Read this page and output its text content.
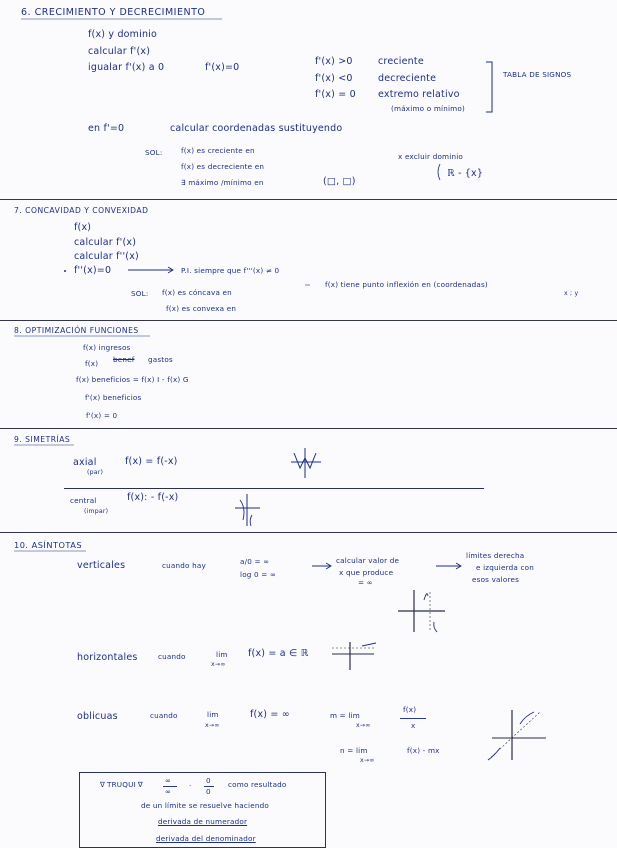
6. CRECIMIENTO Y DECRECIMIENTO
f(x) y dominio
calcular f'(x)
igualar f'(x) a 0	f'(x)=0
f'(x) >0	creciente
f'(x) <0	decreciente
f'(x) = 0 extremo relativo
(máximo o mínimo)
TABLA DE SIGNOS
en f'=0	calcular coordenadas sustituyendo
SOL:	f(x) es creciente en
f(x) es decreciente en
∃ máximo /mínimo en	(□, □)
x excluir dominio
ℝ - {x}
7. CONCAVIDAD Y CONVEXIDAD
f(x)
calcular f'(x)
calcular f''(x)
f''(x)=0	P.I. siempre que f'''(x) ≠ 0
SOL: f(x) es cóncava en
f(x) es convexa en
f(x) tiene punto inflexión en (coordenadas)
x ; y
8. OPTIMIZACIÓN FUNCIONES
f(x) ingresos
f(x) benef gastos
f(x) beneficios = f(x) I - f(x) G
f'(x) beneficios
f'(x) = 0
9. SIMETRÍAS
axial
(par)
f(x) = f(-x)
central
(impar)
f(x): - f(-x)
10. ASÍNTOTAS
verticales	cuando hay	a/0 = ∞
log 0 = ∞
calcular valor de
x que produce
= ∞
límites derecha
e izquierda con
esos valores
horizontales	cuando	lim
x→∞
f(x) = a ∈ ℝ
oblicuas	cuando	lim
x→∞
f(x) = ∞	m = lim
x→∞
f(x)
x
n = lim
x→∞
f(x) - mx
∇ TRUQUI ∇	∞
∞
·
0
0
como resultado
de un límite se resuelve haciendo
derivada de numerador
derivada del denominador
